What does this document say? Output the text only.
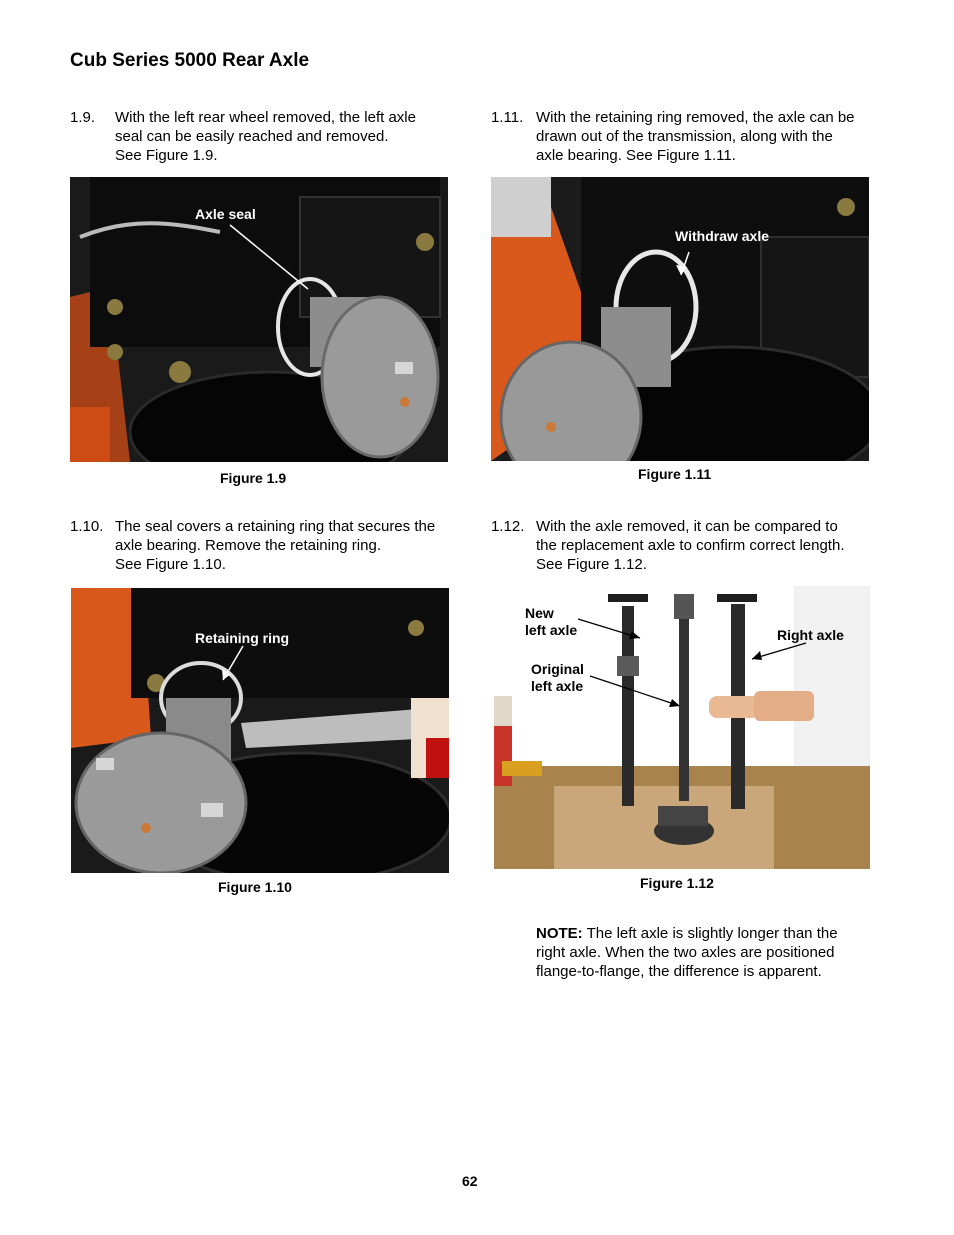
Cub Series 5000 Rear Axle
1.9. With the left rear wheel removed, the left axle
seal can be easily reached and removed.
See Figure 1.9.
1.11. With the retaining ring removed, the axle can be
drawn out of the transmission, along with the
axle bearing. See Figure 1.11.
Axle seal
Figure 1.9
Withdraw axle
Figure 1.11
1.10. The seal covers a retaining ring that secures the
axle bearing. Remove the retaining ring.
See Figure 1.10.
1.12. With the axle removed, it can be compared to
the replacement axle to confirm correct length.
See Figure 1.12.
Retaining ring
Figure 1.10
New
left axle	Right axle
Original
left axle
Figure 1.12
NOTE: The left axle is slightly longer than the right axle. When the two axles are positioned flange-to-flange, the difference is apparent.
62
